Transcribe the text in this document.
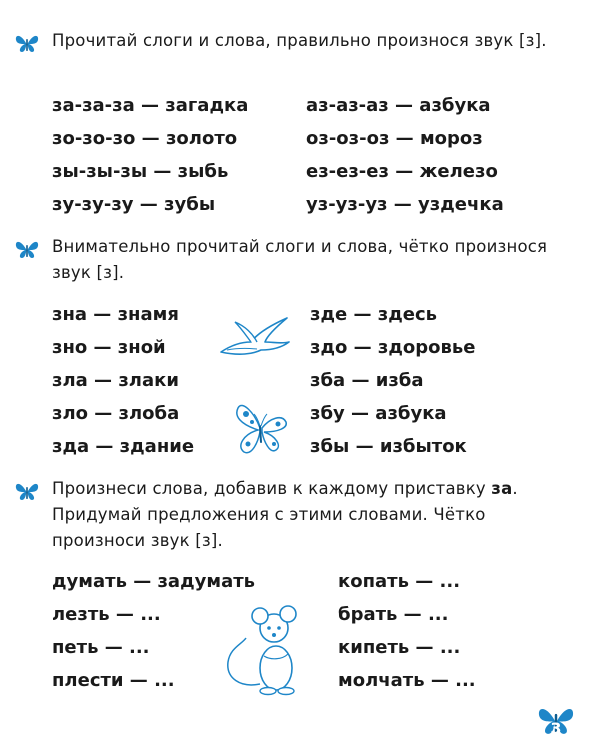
Прочитай слоги и слова, правильно произнося звук [з].
за-за-за — загадка
зо-зо-зо — золото
зы-зы-зы — зыбь
зу-зу-зу — зубы
аз-аз-аз — азбука
оз-оз-оз — мороз
ез-ез-ез — железо
уз-уз-уз — уздечка
Внимательно прочитай слоги и слова, чётко произнося звук [з].
зна — знамя
зно — зной
зла — злаки
зло — злоба
зда — здание
зде — здесь
здо — здоровье
зба — изба
збу — азбука
збы — избыток
Произнеси слова, добавив к каждому приставку за. Придумай предложения с этими словами. Чётко произноси звук [з].
думать — задумать
лезть — ...
петь — ...
плести — ...
копать — ...
брать — ...
кипеть — ...
молчать — ...
3
